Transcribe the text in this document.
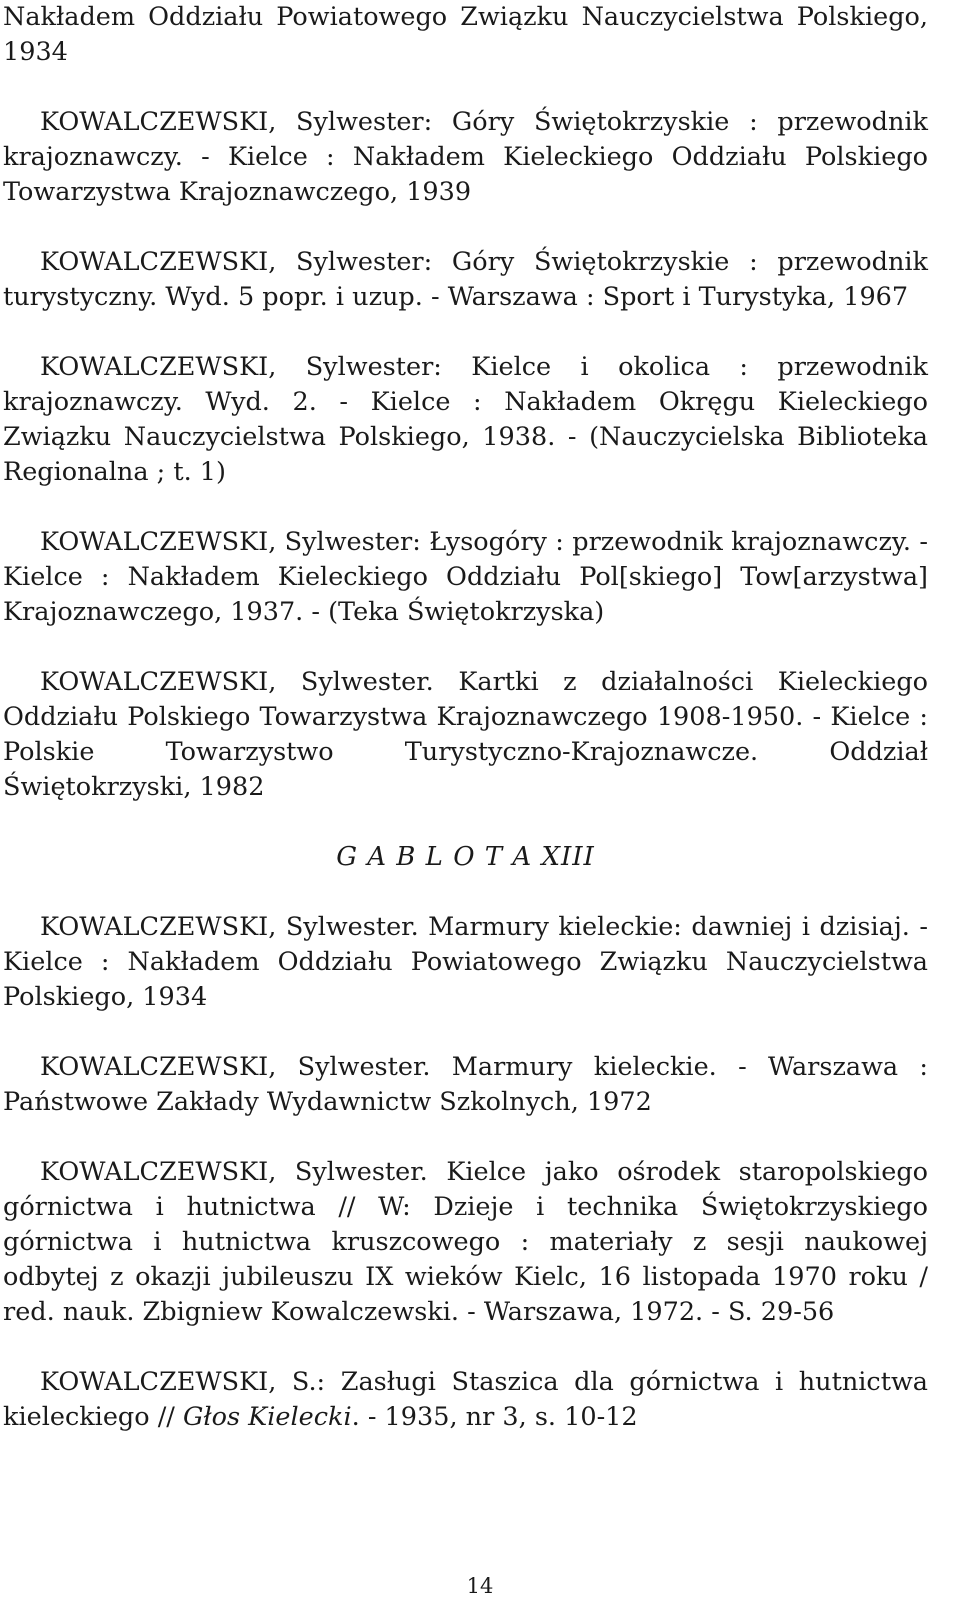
Nakładem Oddziału Powiatowego Związku Nauczycielstwa Polskiego, 1934

KOWALCZEWSKI, Sylwester: Góry Świętokrzyskie : przewodnik krajoznawczy. - Kielce : Nakładem Kieleckiego Oddziału Polskiego Towarzystwa Krajoznawczego, 1939

KOWALCZEWSKI, Sylwester: Góry Świętokrzyskie : przewodnik turystyczny. Wyd. 5 popr. i uzup. - Warszawa : Sport i Turystyka, 1967

KOWALCZEWSKI, Sylwester: Kielce i okolica : przewodnik krajoznawczy. Wyd. 2. - Kielce : Nakładem Okręgu Kieleckiego Związku Nauczycielstwa Polskiego, 1938. - (Nauczycielska Biblioteka Regionalna ; t. 1)

KOWALCZEWSKI, Sylwester: Łysogóry : przewodnik krajoznawczy. - Kielce : Nakładem Kieleckiego Oddziału Pol[skiego] Tow[arzystwa] Krajoznawczego, 1937. - (Teka Świętokrzyska)

KOWALCZEWSKI, Sylwester. Kartki z działalności Kieleckiego Oddziału Polskiego Towarzystwa Krajoznawczego 1908-1950. - Kielce : Polskie Towarzystwo Turystyczno-Krajoznawcze. Oddział Świętokrzyski, 1982

G A B L O T A XIII

KOWALCZEWSKI, Sylwester. Marmury kieleckie: dawniej i dzisiaj. - Kielce : Nakładem Oddziału Powiatowego Związku Nauczycielstwa Polskiego, 1934

KOWALCZEWSKI, Sylwester. Marmury kieleckie. - Warszawa : Państwowe Zakłady Wydawnictw Szkolnych, 1972

KOWALCZEWSKI, Sylwester. Kielce jako ośrodek staropolskiego górnictwa i hutnictwa // W: Dzieje i technika Świętokrzyskiego górnictwa i hutnictwa kruszcowego : materiały z sesji naukowej odbytej z okazji jubileuszu IX wieków Kielc, 16 listopada 1970 roku / red. nauk. Zbigniew Kowalczewski. - Warszawa, 1972. - S. 29-56

KOWALCZEWSKI, S.: Zasługi Staszica dla górnictwa i hutnictwa kieleckiego // Głos Kielecki. - 1935, nr 3, s. 10-12

14
